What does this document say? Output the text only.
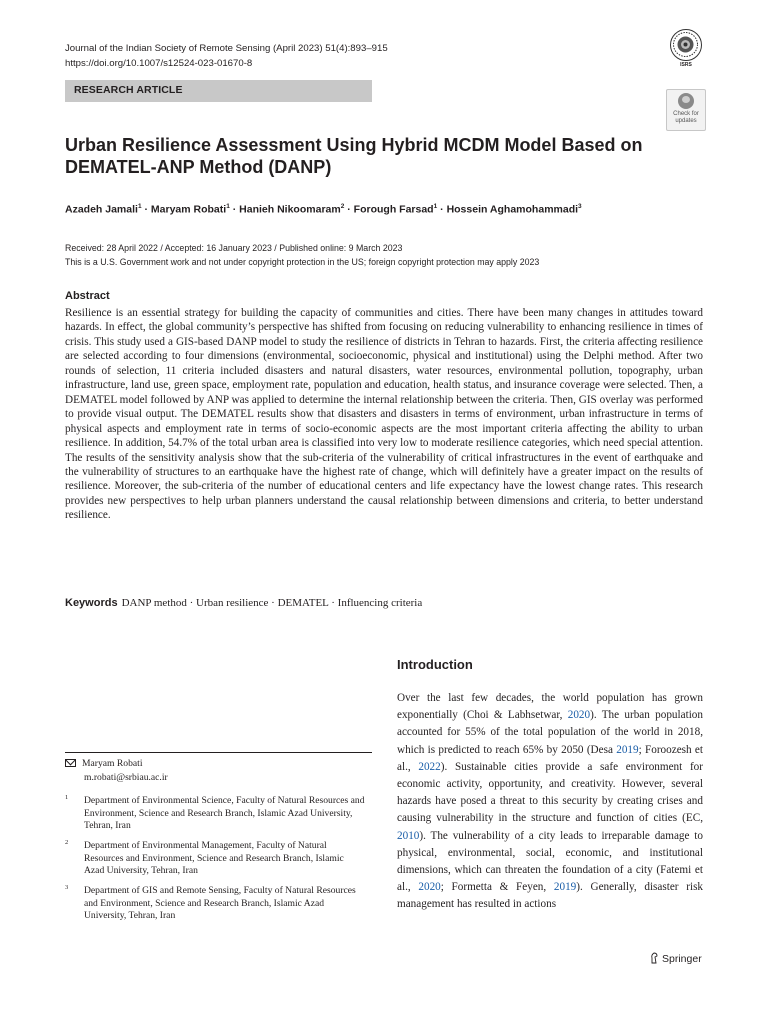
Journal of the Indian Society of Remote Sensing (April 2023) 51(4):893–915
https://doi.org/10.1007/s12524-023-01670-8	ISRS
RESEARCH ARTICLE
Check for
updates
Urban Resilience Assessment Using Hybrid MCDM Model Based on DEMATEL-ANP Method (DANP)
Azadeh Jamali$^1$ · Maryam Robati$^1$ · Hanieh Nikoomaram$^2$ · Forough Farsad$^1$ · Hossein Aghamohammadi$^3$
Received: 28 April 2022 / Accepted: 16 January 2023 / Published online: 9 March 2023
This is a U.S. Government work and not under copyright protection in the US; foreign copyright protection may apply 2023
Abstract

Resilience is an essential strategy for building the capacity of communities and cities. There have been many changes in attitudes toward hazards. In effect, the global community’s perspective has shifted from focusing on reducing vulnerability to enhancing resilience in times of crisis. This study used a GIS-based DANP model to study the resilience of districts in Tehran to hazards. First, the criteria affecting resilience are selected according to four dimensions (environmental, socioeconomic, physical and institutional) using the Delphi method. After two rounds of selection, 11 criteria included disasters and natural disasters, water resources, environmental pollution, topography, urban infrastructure, land use, green space, employment rate, population and education, health status, and insurance coverage were selected. Then, a DEMATEL model followed by ANP was applied to determine the internal relationship between the criteria. Then, GIS overlay was performed to provide visual output. The DEMATEL results show that disasters and disasters in terms of environment, urban infrastructure in terms of physical aspects and employment rate in terms of socio-economic aspects are the most important criteria affecting the ability to urban resilience. In addition, 54.7% of the total urban area is classified into very low to moderate resilience categories, which need special attention. The results of the sensitivity analysis show that the sub-criteria of the vulnerability of critical infrastructures in the event of earthquake and the vulnerability of structures to an earthquake have the highest rate of change, which will definitely have a greater impact on the results of resilience. Moreover, the sub-criteria of the number of educational centers and life expectancy have the lowest change rates. This research provides new perspectives to help urban planners understand the causal relationship between dimensions and criteria, to better understand resilience.

Keywords DANP method · Urban resilience · DEMATEL · Influencing criteria
Introduction

Over the last few decades, the world population has grown exponentially (Choi & Labhsetwar, 2020). The urban population accounted for 55% of the total population of the world in 2018, which is predicted to reach 65% by 2050 (Desa 2019; Foroozesh et al., 2022). Sustainable cities provide a safe environment for economic activity, opportunity, and creativity. However, several hazards have posed a threat to this security by creating crises and causing vulnerability in the structure and function of cities (EC, 2010). The vulnerability of a city leads to irreparable damage to physical, environmental, social, economic, and institutional dimensions, which can threaten the foundation of a city (Fatemi et al., 2020; Formetta & Feyen, 2019). Generally, disaster risk management has resulted in actions

Maryam Robati
m.robati@srbiau.ac.ir
1 Department of Environmental Science, Faculty of Natural Resources and Environment, Science and Research Branch, Islamic Azad University, Tehran, Iran
2 Department of Environmental Management, Faculty of Natural Resources and Environment, Science and Research Branch, Islamic Azad University, Tehran, Iran
3 Department of GIS and Remote Sensing, Faculty of Natural Resources and Environment, Science and Research Branch, Islamic Azad University, Tehran, Iran
Springer
